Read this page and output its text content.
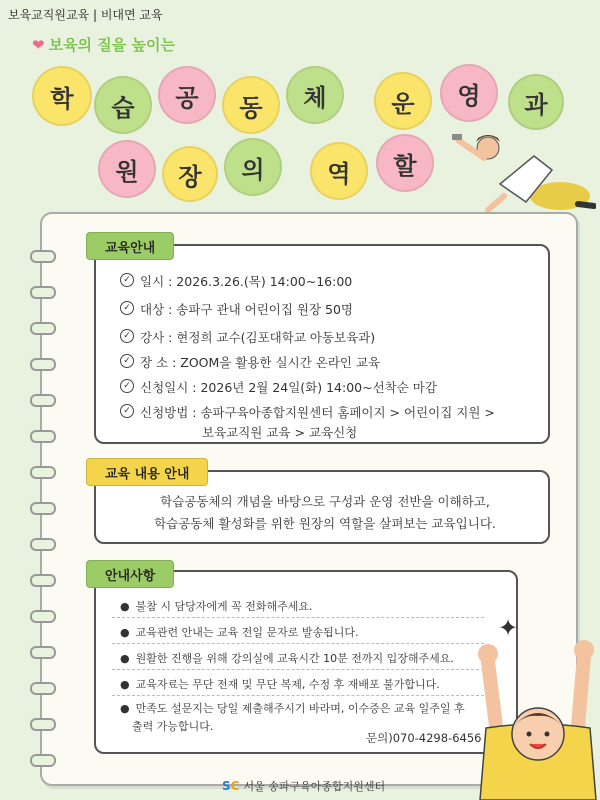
보육교직원교육 | 비대면 교육
❤ 보육의 질을 높이는
학	습	공	동	체	운	영	과
원	장	의	역	할
교육안내
✓ 일시 : 2026.3.26.(목) 14:00~16:00
✓ 대상 : 송파구 관내 어린이집 원장 50명
✓ 강사 : 현정희 교수(김포대학교 아동보육과)
✓ 장 소 : ZOOM을 활용한 실시간 온라인 교육
✓ 신청일시 : 2026년 2월 24일(화) 14:00~선착순 마감
✓ 신청방법 : 송파구육아종합지원센터 홈페이지 > 어린이집 지원 >
보육교직원 교육 > 교육신청
교육 내용 안내
학습공동체의 개념을 바탕으로 구성과 운영 전반을 이해하고,
학습공동체 활성화를 위한 원장의 역할을 살펴보는 교육입니다.
안내사항
● 불참 시 담당자에게 꼭 전화해주세요.
● 교육관련 안내는 교육 전일 문자로 발송됩니다.
● 원활한 진행을 위해 강의실에 교육시간 10분 전까지 입장해주세요.
● 교육자료는 무단 전재 및 무단 복제, 수정 후 재배포 불가합니다.
● 만족도 설문지는 당일 제출해주시기 바라며, 이수증은 교육 일주일 후
출력 가능합니다.
문의)070-4298-6456
✦
SC 서울 송파구육아종합지원센터
